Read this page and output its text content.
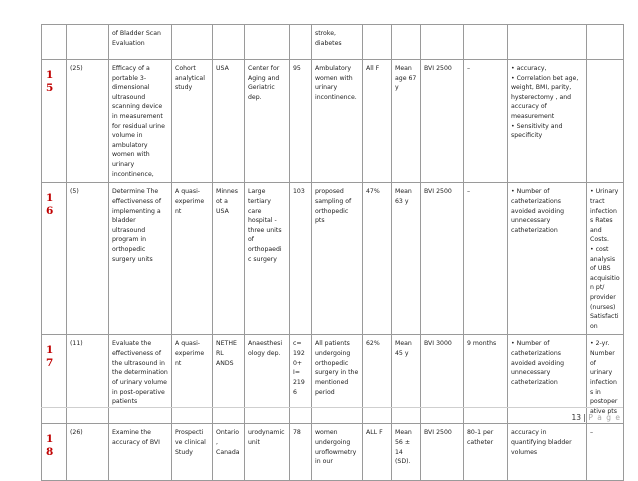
		of Bladder Scan Evaluation					stroke, diabetes						
1 5	(25)	Efficacy of a portable 3-dimensional ultrasound scanning device in measurement for residual urine volume in ambulatory women with urinary incontinence,	Cohort analytical study	USA	Center for Aging and Geriatric dep.	95	Ambulatory women with urinary incontinence.	All F	Mean age 67 y	BVI 2500	–	• accuracy,
• Correlation bet age, weight, BMI, parity, hysterectomy , and accuracy of measurement
• Sensitivity and specificity	

1 6	(5)	Determine The effectiveness of implementing a bladder ultrasound program in orthopedic surgery units	A quasi-experime nt	Minnesot a USA	Large tertiary care hospital - three units of orthopaedi c surgery	103	proposed sampling of orthopedic pts	47%	Mean 63 y	BVI 2500	–	• Number of catheterizations avoided avoiding unnecessary catheterization	• Urinary tract infections Rates and Costs.
• cost analysis of UBS acquisition pt/ provider (nurses) Satisfaction

1 7	(11)	Evaluate the effectiveness of the ultrasound in the determination of urinary volume in post-operative patients	A quasi-experime nt	NETHERL ANDS	Anaesthesi ology dep.	c= 192 0+ I= 219 6	All patients undergoing orthopedic surgery in the mentioned period	62%	Mean 45 y	BVI 3000	9 months	• Number of catheterizations avoided avoiding unnecessary catheterization	• 2-yr. Number of urinary infections in postoperative pts

1 8	(26)	Examine the accuracy of BVI	Prospecti ve clinical Study	Ontario, Canada	urodynamic unit	78	women undergoing uroflowmetry in our	ALL F	Mean 56 ± 14 (SD).	BVI 2500	80-1 per catheter	accuracy in quantifying bladder volumes	–
13 | P a g e
